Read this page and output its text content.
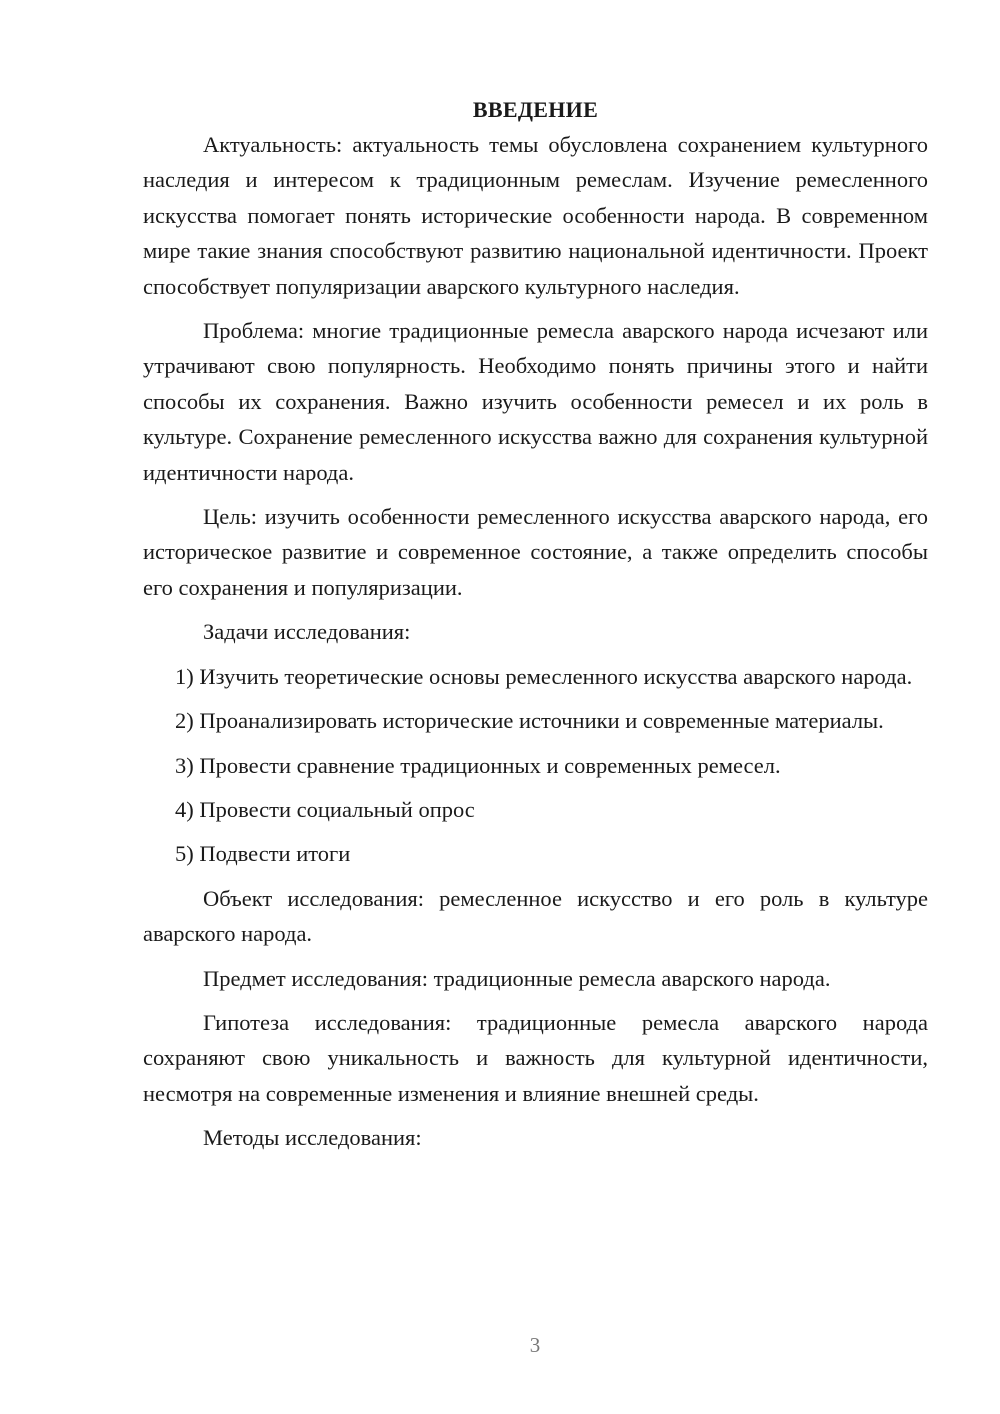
ВВЕДЕНИЕ

Актуальность: актуальность темы обусловлена сохранением культурного наследия и интересом к традиционным ремеслам. Изучение ремесленного искусства помогает понять исторические особенности народа. В современном мире такие знания способствуют развитию национальной идентичности. Проект способствует популяризации аварского культурного наследия.

Проблема: многие традиционные ремесла аварского народа исчезают или утрачивают свою популярность. Необходимо понять причины этого и найти способы их сохранения. Важно изучить особенности ремесел и их роль в культуре. Сохранение ремесленного искусства важно для сохранения культурной идентичности народа.

Цель: изучить особенности ремесленного искусства аварского народа, его историческое развитие и современное состояние, а также определить способы его сохранения и популяризации.

Задачи исследования:

1) Изучить теоретические основы ремесленного искусства аварского народа.

2) Проанализировать исторические источники и современные материалы.

3) Провести сравнение традиционных и современных ремесел.

4) Провести социальный опрос

5) Подвести итоги

Объект исследования: ремесленное искусство и его роль в культуре аварского народа.

Предмет исследования: традиционные ремесла аварского народа.

Гипотеза исследования: традиционные ремесла аварского народа сохраняют свою уникальность и важность для культурной идентичности, несмотря на современные изменения и влияние внешней среды.

Методы исследования:

3
